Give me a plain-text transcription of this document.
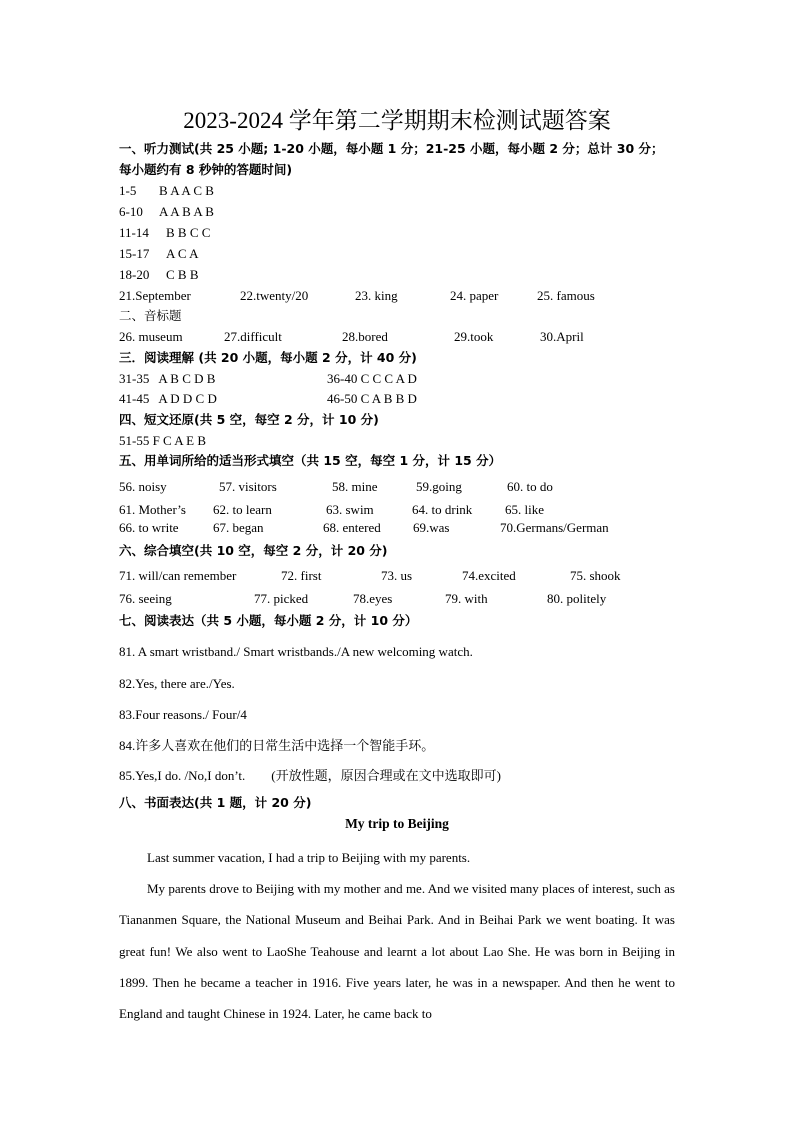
2023-2024 学年第二学期期末检测试题答案
一、听力测试(共 25 小题; 1-20 小题，每小题 1 分；21-25 小题，每小题 2 分；总计 30 分；
每小题约有 8 秒钟的答题时间)
1-5 B A A C B
6-10 A A B A B
11-14 B B C C
15-17 A C A
18-20 C B B
21.September	22.twenty/20	23. king	24. paper	25. famous
二、音标题
26. museum	27.difficult	28.bored	29.took	30.April
三．阅读理解 (共 20 小题，每小题 2 分，计 40 分)
31-35   A B C D B	36-40 C C C A D
41-45   A D D C D	46-50 C A B B D
四、短文还原(共 5 空，每空 2 分，计 10 分)
51-55 F C A E B
五、用单词所给的适当形式填空（共 15 空，每空 1 分，计 15 分）
56. noisy	57. visitors	58. mine	59.going	60. to do
61. Mother’s 62. to learn	63. swim	64. to drink	65. like
66. to write	67. began	68. entered 69.was	70.Germans/German
六、综合填空(共 10 空，每空 2 分，计 20 分)
71. will/can remember	72. first	73. us	74.excited	75. shook
76. seeing	77. picked	78.eyes	79. with	80. politely
七、阅读表达（共 5 小题，每小题 2 分，计 10 分）
81. A smart wristband./ Smart wristbands./A new welcoming watch.
82.Yes, there are./Yes.
83.Four reasons./ Four/4
84.许多人喜欢在他们的日常生活中选择一个智能手环。
85.Yes,I do. /No,I don’t.        (开放性题，原因合理或在文中选取即可)
八、书面表达(共 1 题，计 20 分)
My trip to Beijing

Last summer vacation, I had a trip to Beijing with my parents.

My parents drove to Beijing with my mother and me. And we visited many places of interest, such as Tiananmen Square, the National Museum and Beihai Park. And in Beihai Park we went boating. It was great fun! We also went to LaoShe Teahouse and learnt a lot about Lao She. He was born in Beijing in 1899. Then he became a teacher in 1916. Five years later, he was in a newspaper. And then he went to England and taught Chinese in 1924. Later, he came back to
